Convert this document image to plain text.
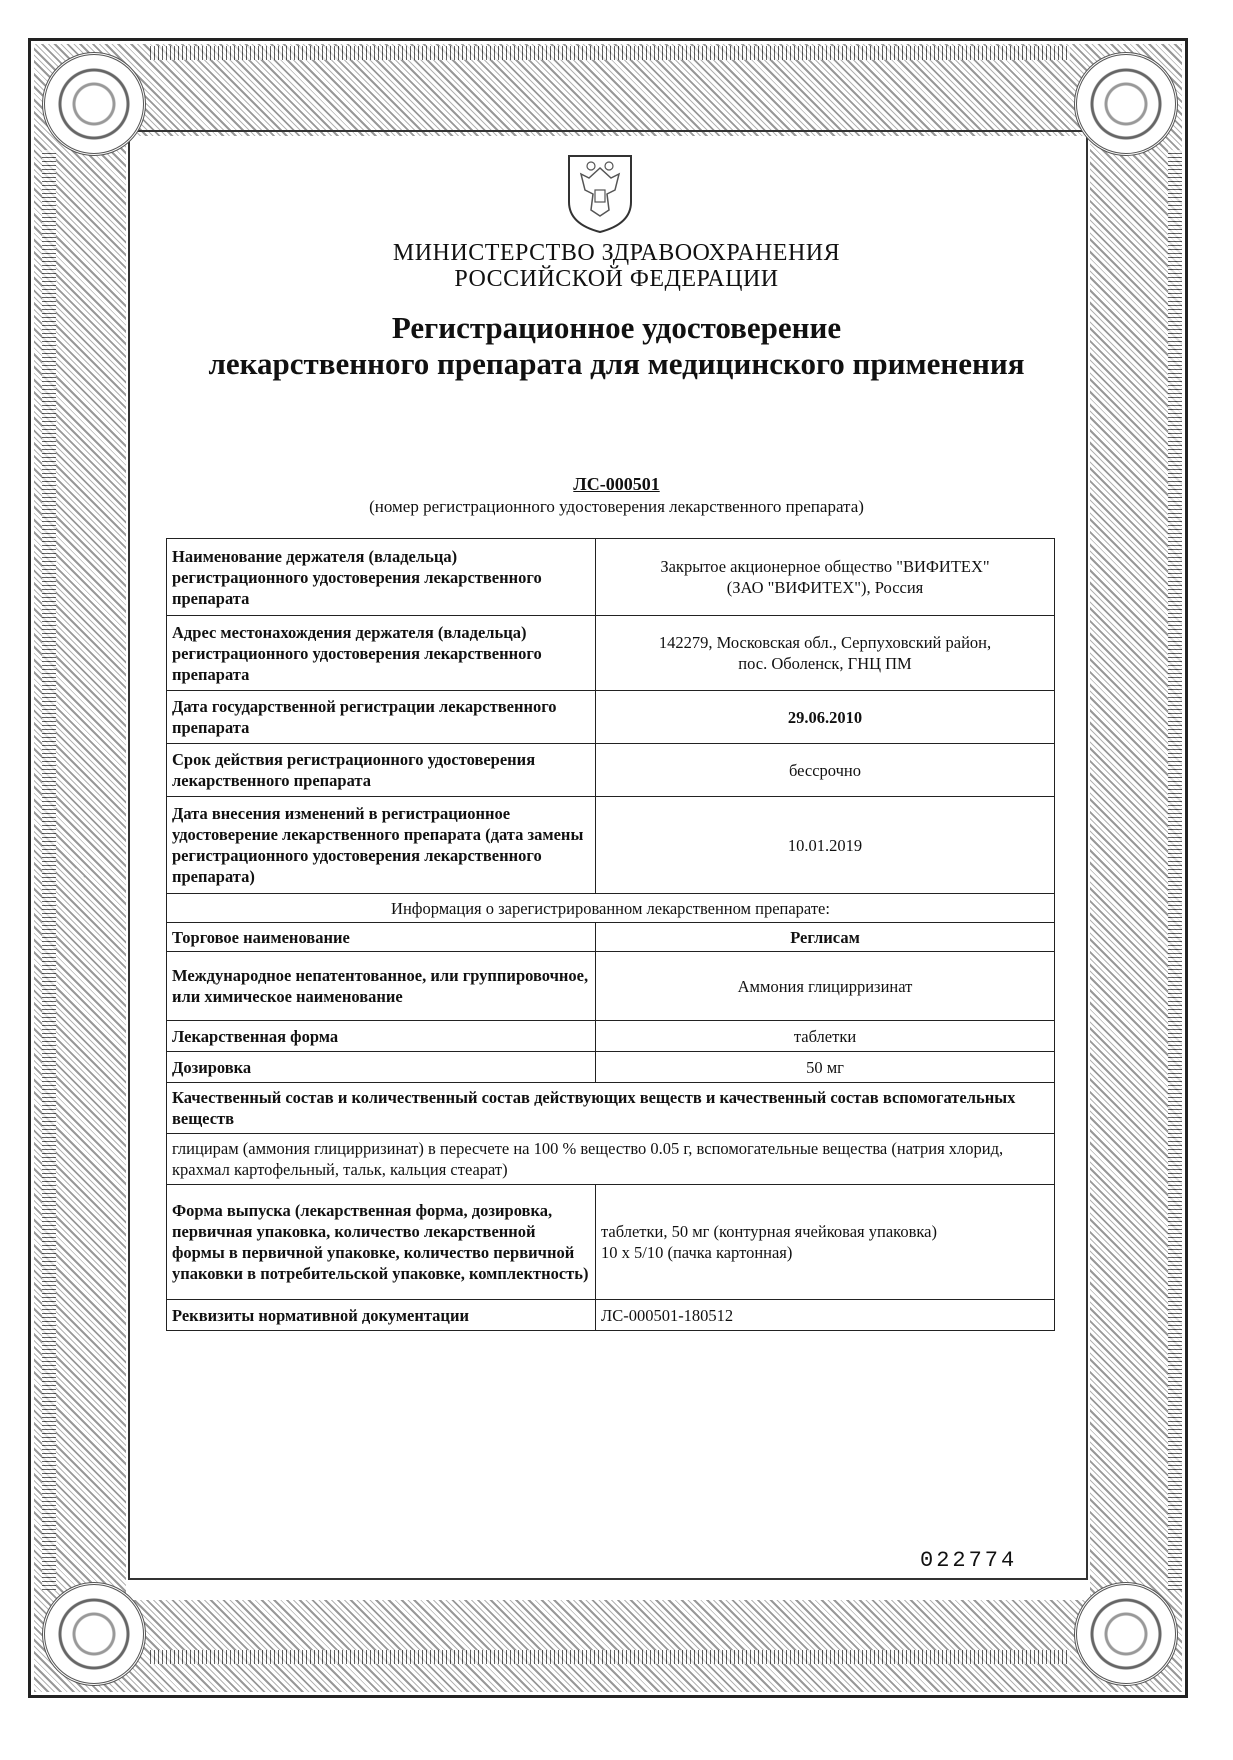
МИНИСТЕРСТВО ЗДРАВООХРАНЕНИЯ
РОССИЙСКОЙ ФЕДЕРАЦИИ
Регистрационное удостоверение
лекарственного препарата для медицинского применения
ЛС-000501
(номер регистрационного удостоверения лекарственного препарата)
Наименование держателя (владельца) регистрационного удостоверения лекарственного препарата	Закрытое акционерное общество "ВИФИТЕХ"
(ЗАО "ВИФИТЕХ"), Россия

Адрес местонахождения держателя (владельца) регистрационного удостоверения лекарственного препарата	142279, Московская обл., Серпуховский район,
пос. Оболенск, ГНЦ ПМ

Дата государственной регистрации лекарственного препарата	29.06.2010
Срок действия регистрационного удостоверения лекарственного препарата	бессрочно
Дата внесения изменений в регистрационное удостоверение лекарственного препарата (дата замены регистрационного удостоверения лекарственного препарата)	10.01.2019
Информация о зарегистрированном лекарственном препарате:	
Торговое наименование	Реглисам
Международное непатентованное, или группировочное, или химическое наименование	Аммония глицирризинат
Лекарственная форма	таблетки
Дозировка	50 мг
Качественный состав и количественный состав действующих веществ и качественный состав вспомогательных веществ	
глицирам (аммония глицирризинат) в пересчете на 100 % вещество 0.05 г, вспомогательные вещества (натрия хлорид, крахмал картофельный, тальк, кальция стеарат)	
Форма выпуска (лекарственная форма, дозировка, первичная упаковка, количество лекарственной формы в первичной упаковке, количество первичной упаковки в потребительской упаковке, комплектность)	таблетки, 50 мг (контурная ячейковая упаковка)
10 х 5/10 (пачка картонная)

Реквизиты нормативной документации	ЛС-000501-180512
022774
